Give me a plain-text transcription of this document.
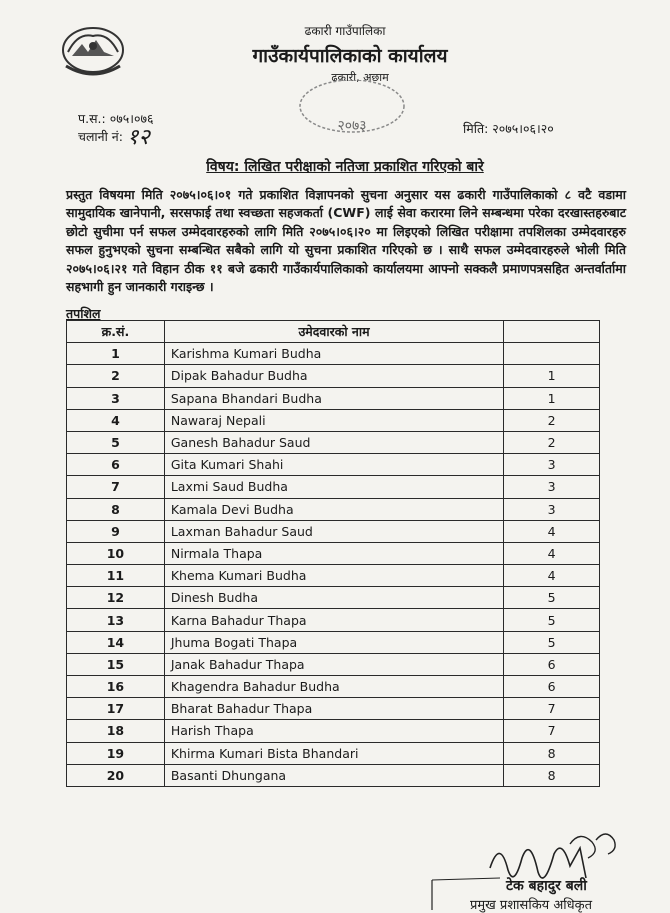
ढकारी गाउँपालिका
गाउँकार्यपालिकाको कार्यालय
ढकारी, अछाम
२०७३
प.स.: ०७५।०७६
चलानी नं: १२	मिति: २०७५।०६।२०
विषय: लिखित परीक्षाको नतिजा प्रकाशित गरिएको बारे
प्रस्तुत विषयमा मिति २०७५।०६।०१ गते प्रकाशित विज्ञापनको सुचना अनुसार यस ढकारी गाउँपालिकाको ८ वटै वडामा सामुदायिक खानेपानी, सरसफाई तथा स्वच्छता सहजकर्ता (CWF) लाई सेवा करारमा लिने सम्बन्धमा परेका दरखास्तहरुबाट छोटो सुचीमा पर्न सफल उम्मेदवारहरुको लागि मिति २०७५।०६।२० मा लिइएको लिखित परीक्षामा तपशिलका उम्मेदवारहरु सफल हुनुभएको सुचना सम्बन्धित सबैको लागि यो सुचना प्रकाशित गरिएको छ । साथै सफल उम्मेदवारहरुले भोली मिति २०७५।०६।२१ गते विहान ठीक ११ बजे ढकारी गाउँकार्यपालिकाको कार्यालयमा आफ्नो सक्कलै प्रमाणपत्रसहित अन्तर्वार्तामा सहभागी हुन जानकारी गराइन्छ ।
तपशिल
क्र.सं.	उमेदवारको नाम	
1	Karishma Kumari Budha	
2	Dipak Bahadur Budha	1
3	Sapana Bhandari Budha	1
4	Nawaraj Nepali	2
5	Ganesh Bahadur Saud	2
6	Gita Kumari Shahi	3
7	Laxmi Saud Budha	3
8	Kamala Devi Budha	3
9	Laxman Bahadur Saud	4
10	Nirmala Thapa	4
11	Khema Kumari Budha	4
12	Dinesh Budha	5
13	Karna Bahadur Thapa	5
14	Jhuma Bogati Thapa	5
15	Janak Bahadur Thapa	6
16	Khagendra Bahadur Budha	6
17	Bharat Bahadur Thapa	7
18	Harish Thapa	7
19	Khirma Kumari Bista Bhandari	8
20	Basanti Dhungana	8
टेक बहादुर बली
प्रमुख प्रशासकिय अधिकृत
